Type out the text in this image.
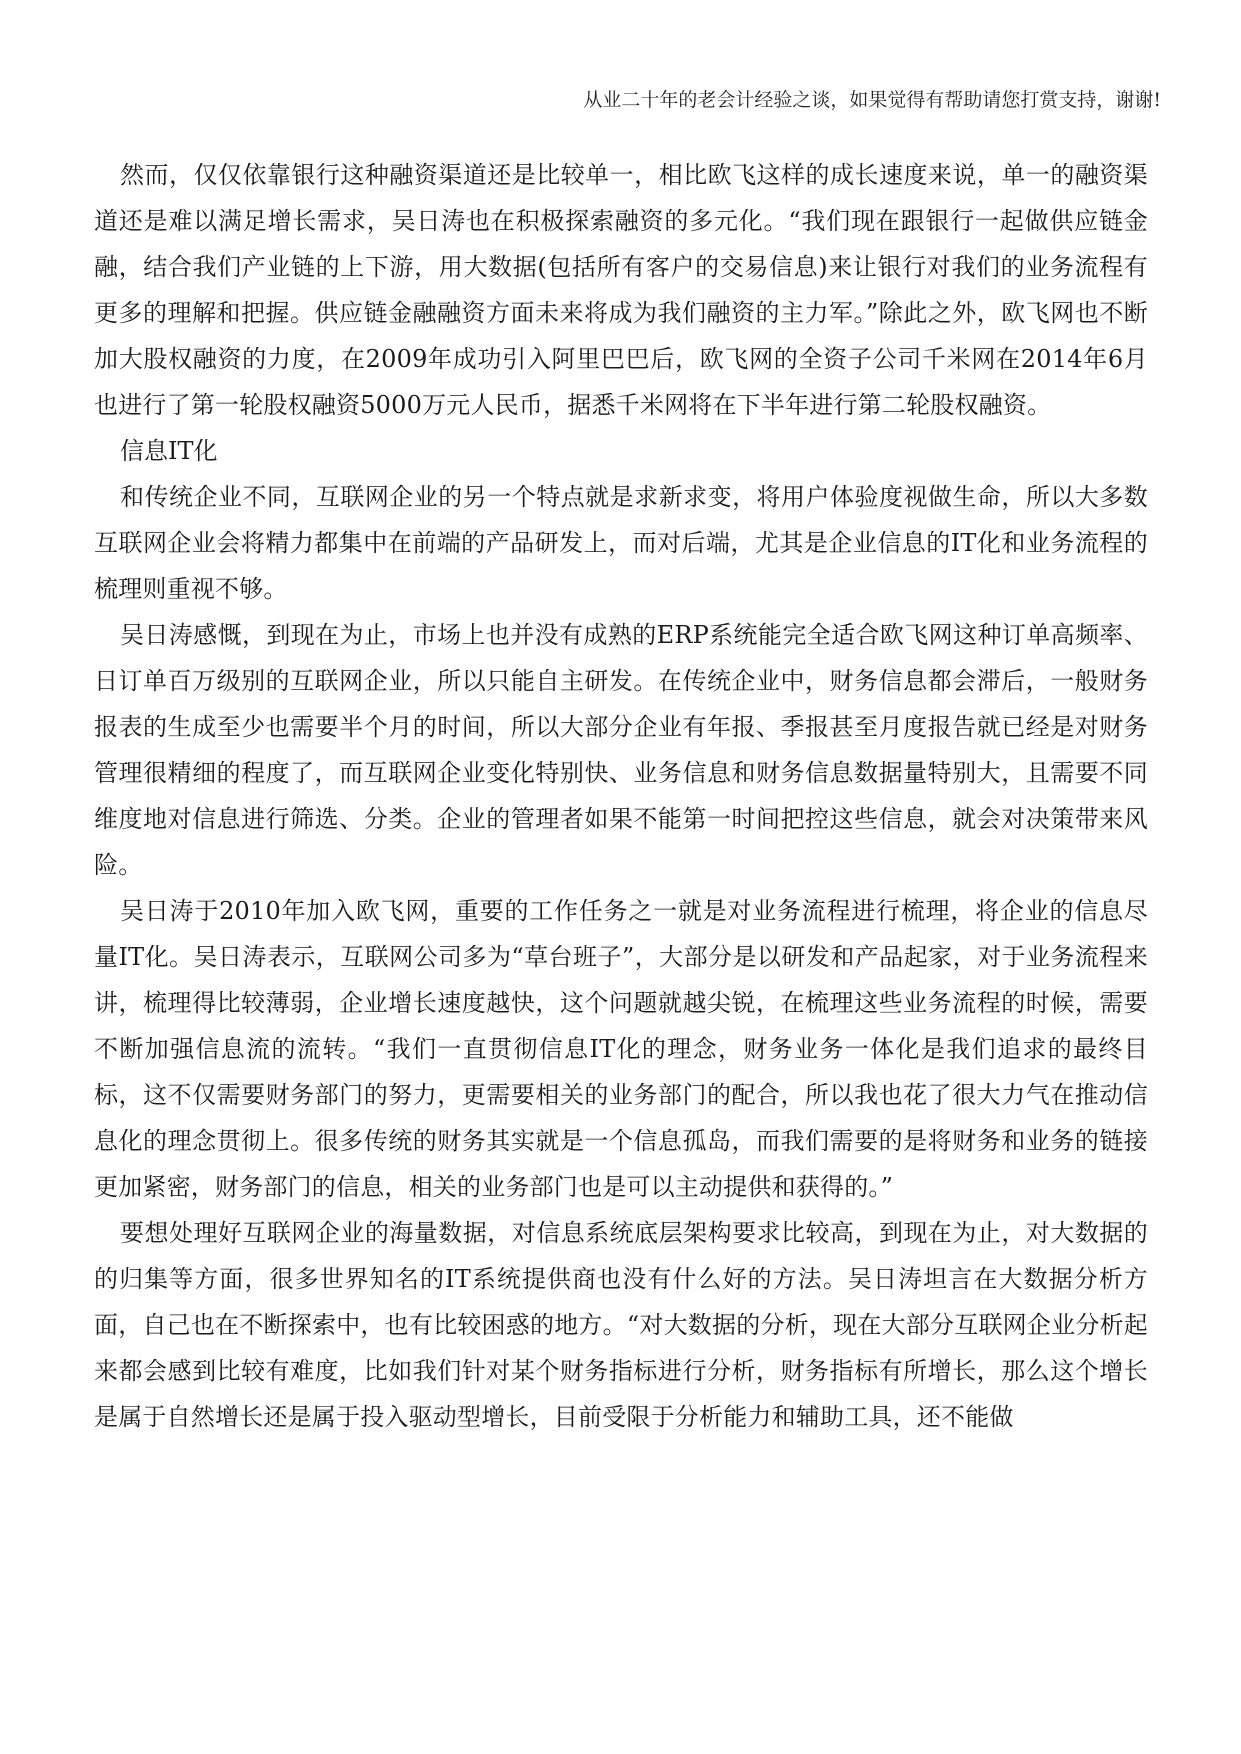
从业二十年的老会计经验之谈，如果觉得有帮助请您打赏支持，谢谢!

然而，仅仅依靠银行这种融资渠道还是比较单一，相比欧飞这样的成长速度来说，单一的融资渠道还是难以满足增长需求，吴日涛也在积极探索融资的多元化。“我们现在跟银行一起做供应链金融，结合我们产业链的上下游，用大数据(包括所有客户的交易信息)来让银行对我们的业务流程有更多的理解和把握。供应链金融融资方面未来将成为我们融资的主力军。”除此之外，欧飞网也不断加大股权融资的力度，在2009年成功引入阿里巴巴后，欧飞网的全资子公司千米网在2014年6月也进行了第一轮股权融资5000万元人民币，据悉千米网将在下半年进行第二轮股权融资。

信息IT化

和传统企业不同，互联网企业的另一个特点就是求新求变，将用户体验度视做生命，所以大多数互联网企业会将精力都集中在前端的产品研发上，而对后端，尤其是企业信息的IT化和业务流程的梳理则重视不够。

吴日涛感慨，到现在为止，市场上也并没有成熟的ERP系统能完全适合欧飞网这种订单高频率、日订单百万级别的互联网企业，所以只能自主研发。在传统企业中，财务信息都会滞后，一般财务报表的生成至少也需要半个月的时间，所以大部分企业有年报、季报甚至月度报告就已经是对财务管理很精细的程度了，而互联网企业变化特别快、业务信息和财务信息数据量特别大，且需要不同维度地对信息进行筛选、分类。企业的管理者如果不能第一时间把控这些信息，就会对决策带来风险。

吴日涛于2010年加入欧飞网，重要的工作任务之一就是对业务流程进行梳理，将企业的信息尽量IT化。吴日涛表示，互联网公司多为“草台班子”，大部分是以研发和产品起家，对于业务流程来讲，梳理得比较薄弱，企业增长速度越快，这个问题就越尖锐，在梳理这些业务流程的时候，需要不断加强信息流的流转。“我们一直贯彻信息IT化的理念，财务业务一体化是我们追求的最终目标，这不仅需要财务部门的努力，更需要相关的业务部门的配合，所以我也花了很大力气在推动信息化的理念贯彻上。很多传统的财务其实就是一个信息孤岛，而我们需要的是将财务和业务的链接更加紧密，财务部门的信息，相关的业务部门也是可以主动提供和获得的。”

要想处理好互联网企业的海量数据，对信息系统底层架构要求比较高，到现在为止，对大数据的的归集等方面，很多世界知名的IT系统提供商也没有什么好的方法。吴日涛坦言在大数据分析方面，自己也在不断探索中，也有比较困惑的地方。“对大数据的分析，现在大部分互联网企业分析起来都会感到比较有难度，比如我们针对某个财务指标进行分析，财务指标有所增长，那么这个增长是属于自然增长还是属于投入驱动型增长，目前受限于分析能力和辅助工具，还不能做
